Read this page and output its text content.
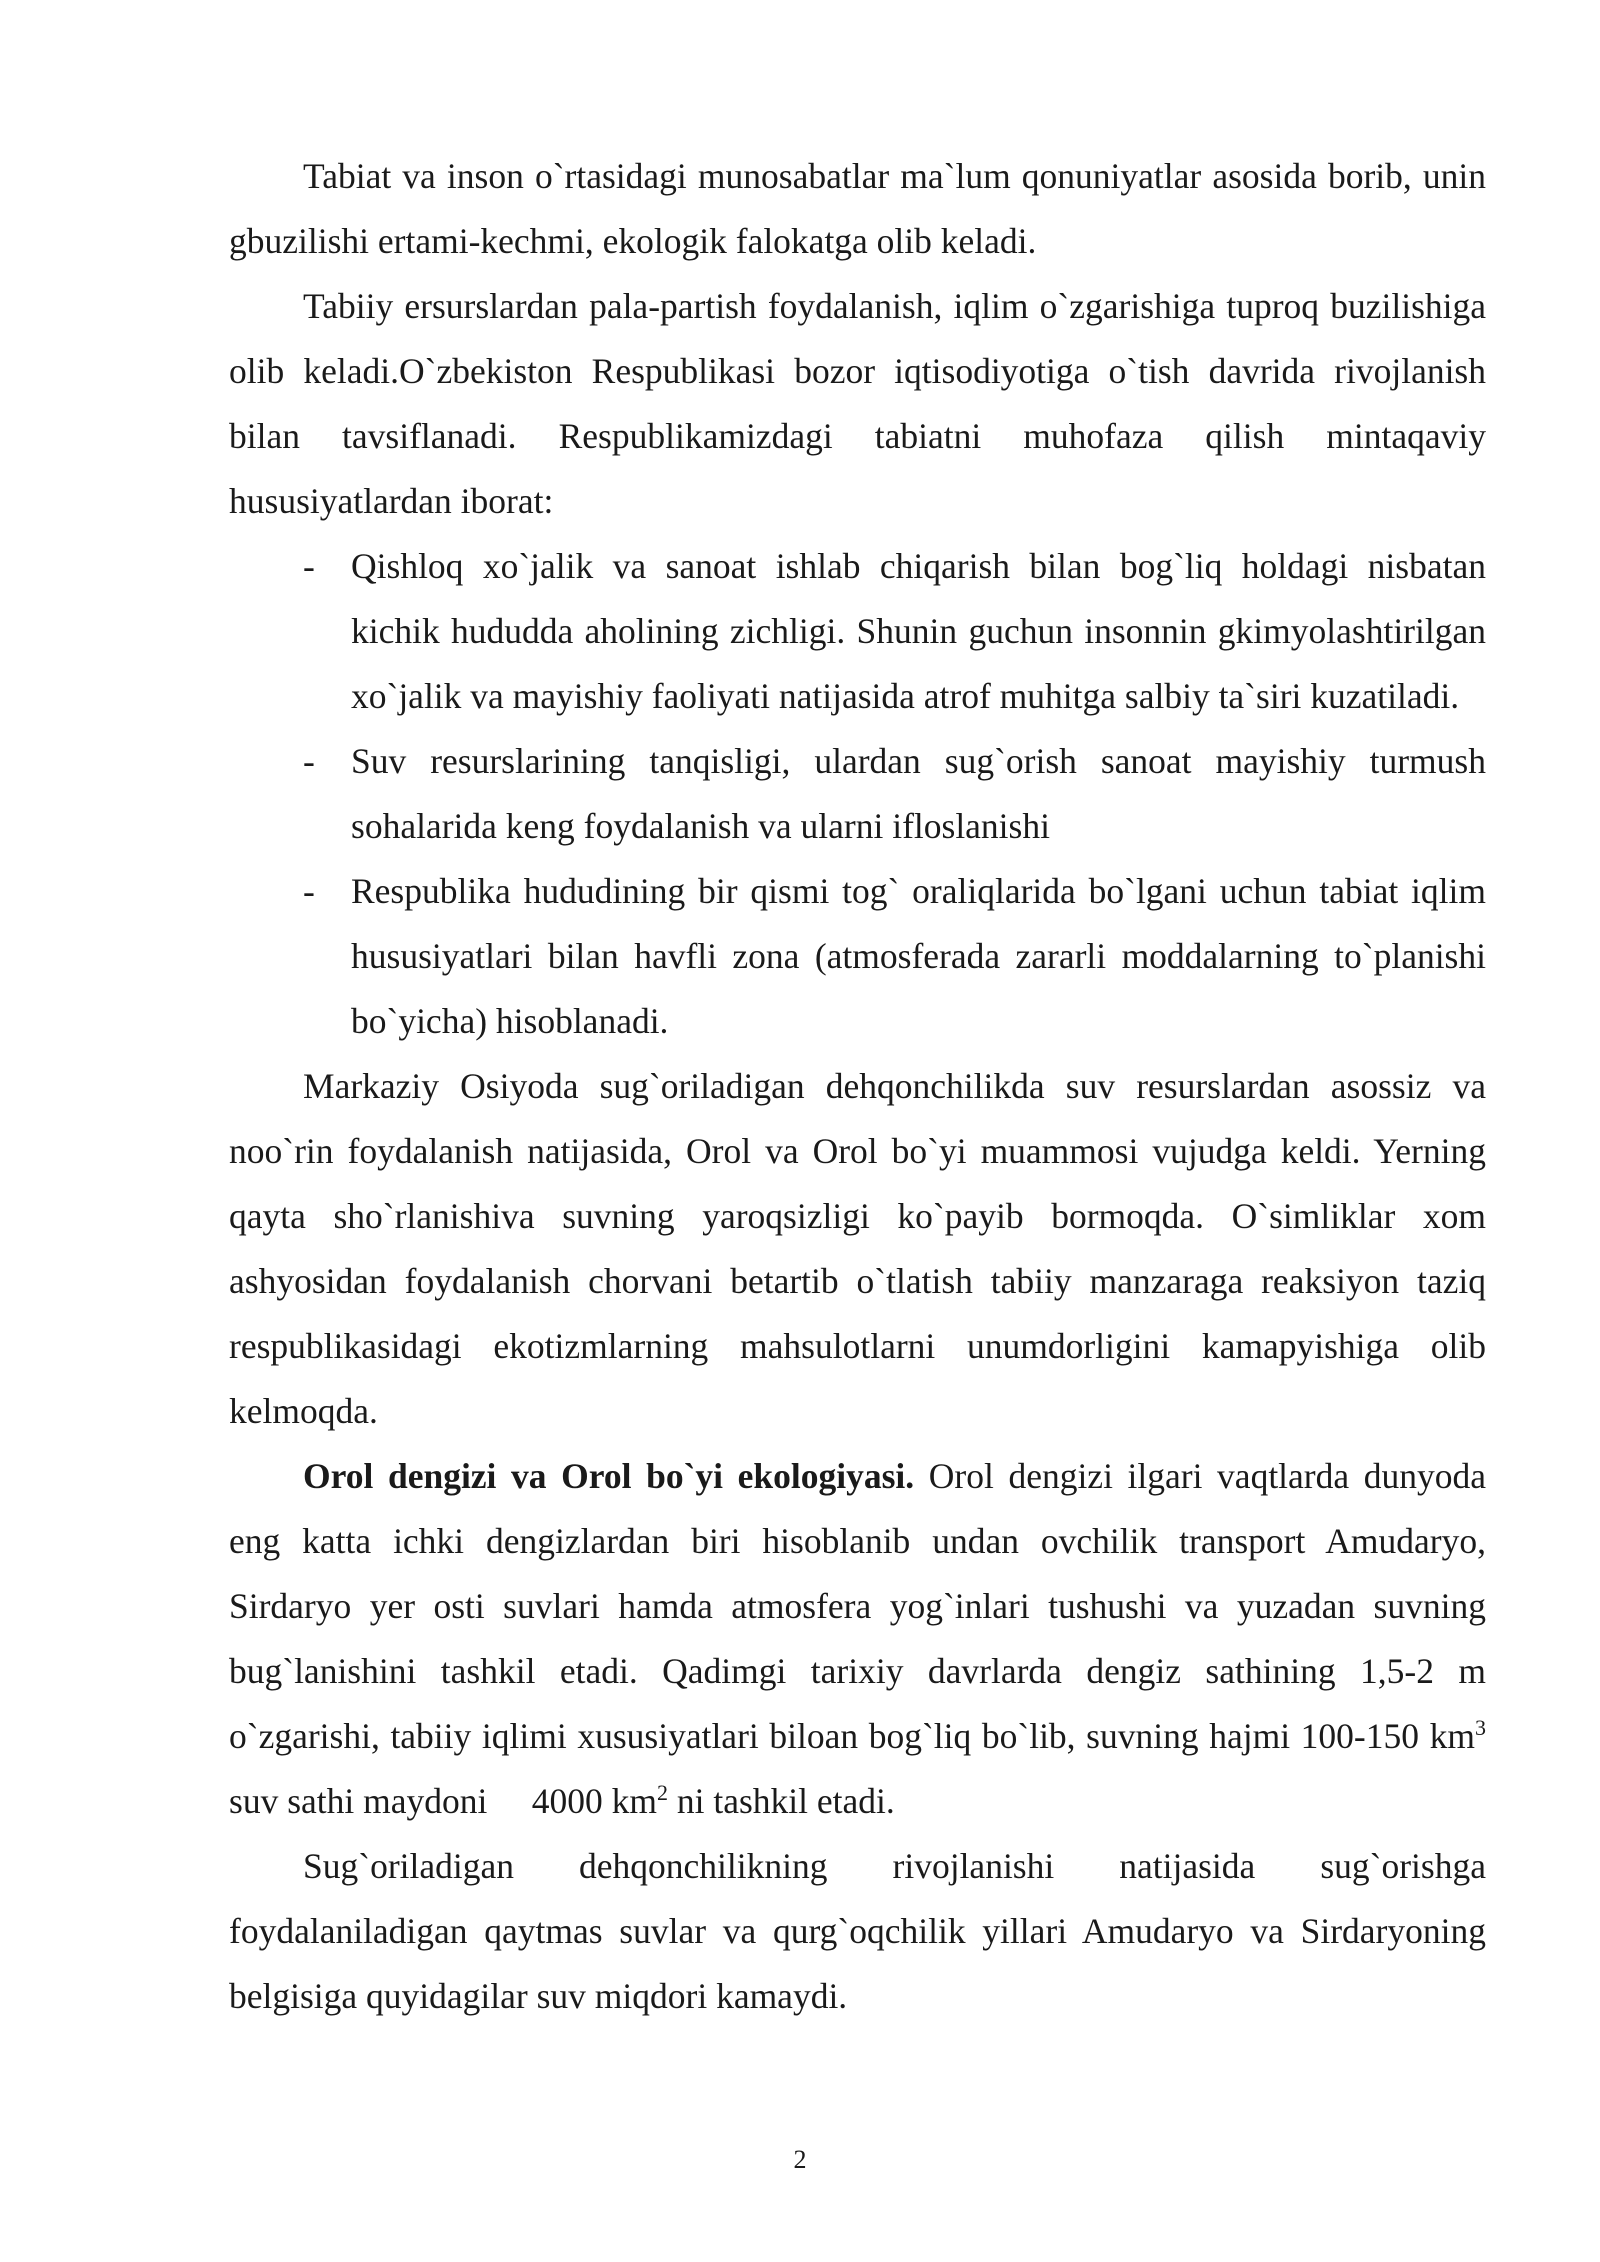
Tabiat va inson o`rtasidagi munosabatlar ma`lum qonuniyatlar asosida borib, unin gbuzilishi ertami-kechmi, ekologik falokatga olib keladi.

Tabiiy ersurslardan pala-partish foydalanish, iqlim o`zgarishiga tuproq buzilishiga olib keladi.O`zbekiston Respublikasi bozor iqtisodiyotiga o`tish davrida rivojlanish bilan tavsiflanadi. Respublikamizdagi tabiatni muhofaza qilish mintaqaviy hususiyatlardan iborat:

- Qishloq xo`jalik va sanoat ishlab chiqarish bilan bog`liq holdagi nisbatan kichik hududda aholining zichligi. Shunin guchun insonnin gkimyolashtirilgan xo`jalik va mayishiy faoliyati natijasida atrof muhitga salbiy ta`siri kuzatiladi.
- Suv resurslarining tanqisligi, ulardan sug`orish sanoat mayishiy turmush sohalarida keng foydalanish va ularni ifloslanishi
- Respublika hududining bir qismi tog` oraliqlarida bo`lgani uchun tabiat iqlim hususiyatlari bilan havfli zona (atmosferada zararli moddalarning to`planishi bo`yicha) hisoblanadi.

Markaziy Osiyoda sug`oriladigan dehqonchilikda suv resurslardan asossiz va noo`rin foydalanish natijasida, Orol va Orol bo`yi muammosi vujudga keldi. Yerning qayta sho`rlanishiva suvning yaroqsizligi ko`payib bormoqda. O`simliklar xom ashyosidan foydalanish chorvani betartib o`tlatish tabiiy manzaraga reaksiyon taziq respublikasidagi ekotizmlarning mahsulotlarni unumdorligini kamapyishiga olib kelmoqda.

Orol dengizi va Orol bo`yi ekologiyasi. Orol dengizi ilgari vaqtlarda dunyoda eng katta ichki dengizlardan biri hisoblanib undan ovchilik transport Amudaryo, Sirdaryo yer osti suvlari hamda atmosfera yog`inlari tushushi va yuzadan suvning bug`lanishini tashkil etadi. Qadimgi tarixiy davrlarda dengiz sathining 1,5-2 m o`zgarishi, tabiiy iqlimi xususiyatlari biloan bog`liq bo`lib, suvning hajmi 100-150 $km^3$ suv sathi maydoni     4000 $km^2$ ni tashkil etadi.

Sug`oriladigan dehqonchilikning rivojlanishi natijasida sug`orishga foydalaniladigan qaytmas suvlar va qurg`oqchilik yillari Amudaryo va Sirdaryoning belgisiga quyidagilar suv miqdori kamaydi.

2
